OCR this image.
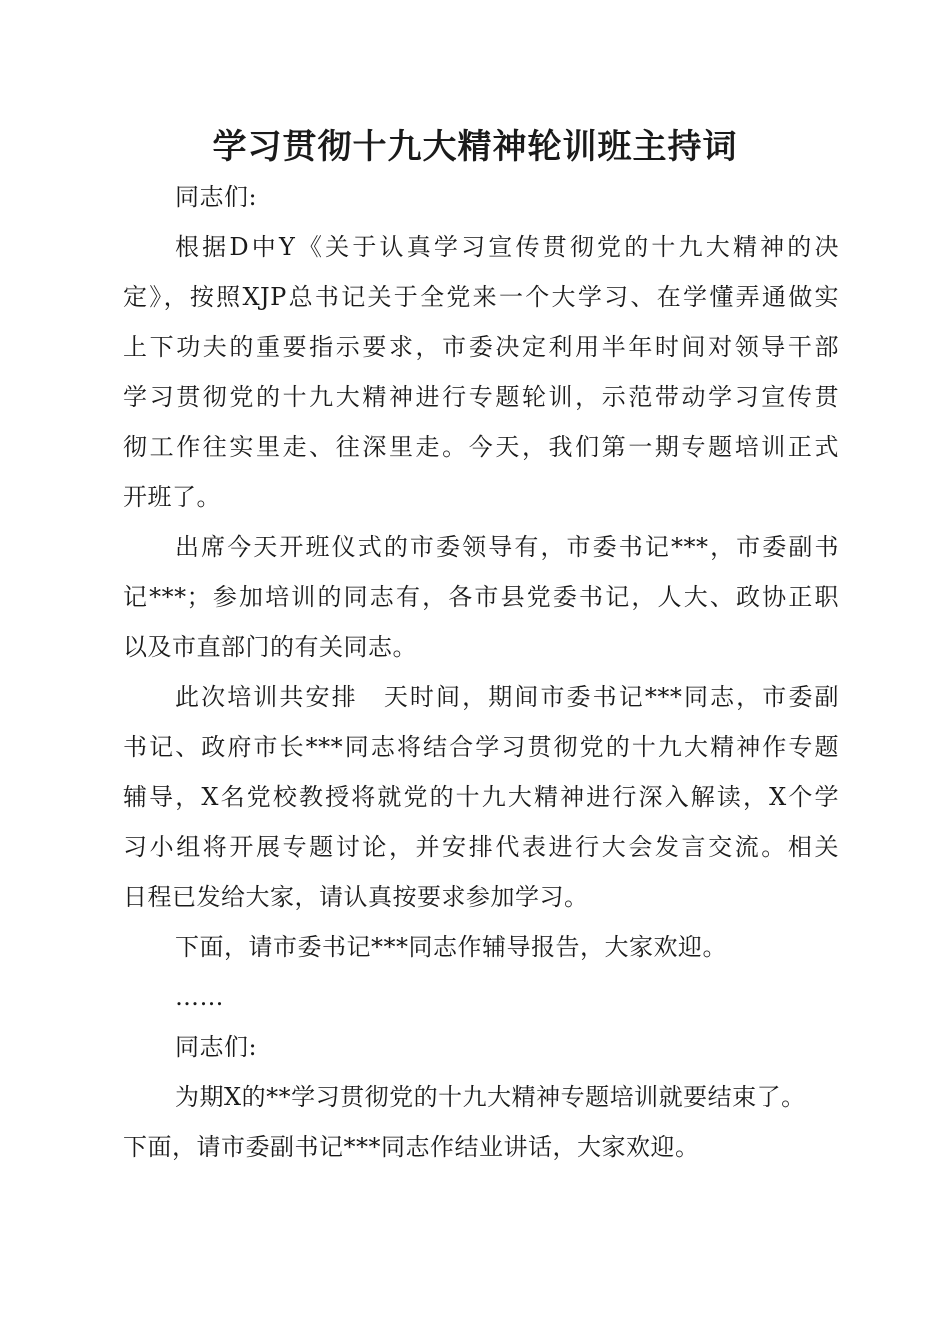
学习贯彻十九大精神轮训班主持词
同志们:
根据D中Y《关于认真学习宣传贯彻党的十九大精神的决
定》，按照XJP总书记关于全党来一个大学习、在学懂弄通做实
上下功夫的重要指示要求，市委决定利用半年时间对领导干部
学习贯彻党的十九大精神进行专题轮训，示范带动学习宣传贯
彻工作往实里走、往深里走。今天，我们第一期专题培训正式
开班了。
出席今天开班仪式的市委领导有，市委书记***，市委副书
记***；参加培训的同志有，各市县党委书记，人大、政协正职
以及市直部门的有关同志。
此次培训共安排　天时间，期间市委书记***同志，市委副
书记、政府市长***同志将结合学习贯彻党的十九大精神作专题
辅导，X名党校教授将就党的十九大精神进行深入解读，X个学
习小组将开展专题讨论，并安排代表进行大会发言交流。相关
日程已发给大家，请认真按要求参加学习。
下面，请市委书记***同志作辅导报告，大家欢迎。
……
同志们:
为期X的**学习贯彻党的十九大精神专题培训就要结束了。
下面，请市委副书记***同志作结业讲话，大家欢迎。
